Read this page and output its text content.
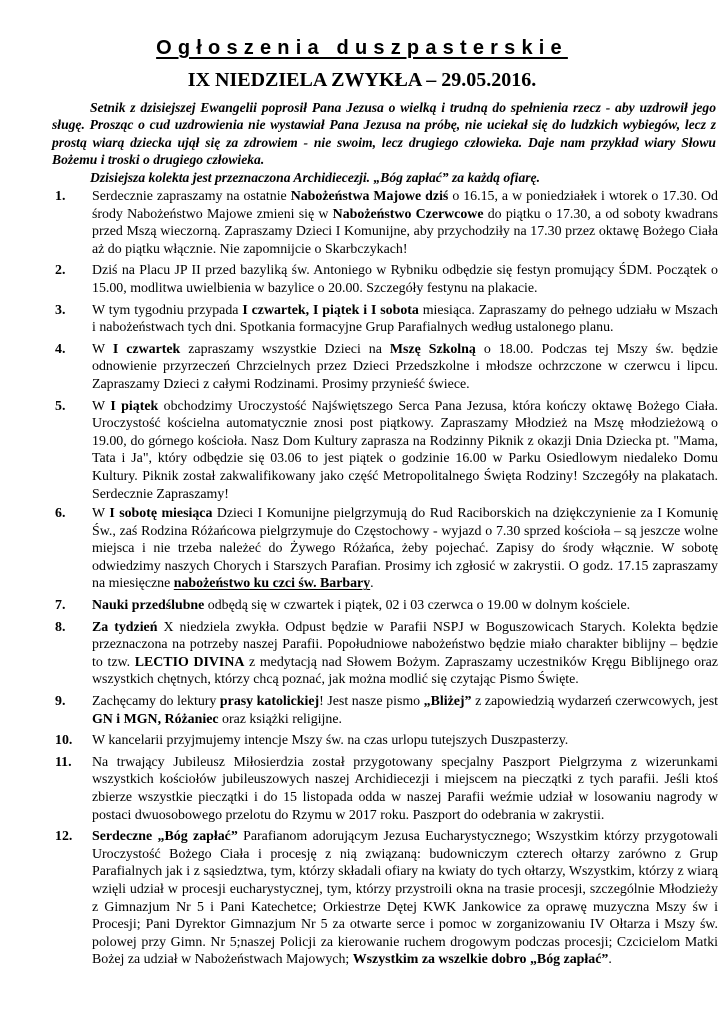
Ogłoszenia duszpasterskie
IX NIEDZIELA ZWYKŁA – 29.05.2016.

Setnik z dzisiejszej Ewangelii poprosił Pana Jezusa o wielką i trudną do spełnienia rzecz - aby uzdrowił jego sługę. Prosząc o cud uzdrowienia nie wystawiał Pana Jezusa na próbę, nie uciekał się do ludzkich wybiegów, lecz z prostą wiarą dziecka ujął się za zdrowiem - nie swoim, lecz drugiego człowieka. Daje nam przykład wiary Słowu Bożemu i troski o drugiego człowieka.

Dzisiejsza kolekta jest przeznaczona Archidiecezji. „Bóg zapłać” za każdą ofiarę.

1. Serdecznie zapraszamy na ostatnie Nabożeństwa Majowe dziś o 16.15, a w poniedziałek i wtorek o 17.30. Od środy Nabożeństwo Majowe zmieni się w Nabożeństwo Czerwcowe do piątku o 17.30, a od soboty kwadrans przed Mszą wieczorną. Zapraszamy Dzieci I Komunijne, aby przychodziły na 17.30 przez oktawę Bożego Ciała aż do piątku włącznie. Nie zapomnijcie o Skarbczykach!

2. Dziś na Placu JP II przed bazyliką św. Antoniego w Rybniku odbędzie się festyn promujący ŚDM. Początek o 15.00, modlitwa uwielbienia w bazylice o 20.00. Szczegóły festynu na plakacie.

3. W tym tygodniu przypada I czwartek, I piątek i I sobota miesiąca. Zapraszamy do pełnego udziału w Mszach i nabożeństwach tych dni. Spotkania formacyjne Grup Parafialnych według ustalonego planu.

4. W I czwartek zapraszamy wszystkie Dzieci na Mszę Szkolną o 18.00. Podczas tej Mszy św. będzie odnowienie przyrzeczeń Chrzcielnych przez Dzieci Przedszkolne i młodsze ochrzczone w czerwcu i lipcu. Zapraszamy Dzieci z całymi Rodzinami. Prosimy przynieść świece.

5. W I piątek obchodzimy Uroczystość Najświętszego Serca Pana Jezusa, która kończy oktawę Bożego Ciała. Uroczystość kościelna automatycznie znosi post piątkowy. Zapraszamy Młodzież na Mszę młodzieżową o 19.00, do górnego kościoła. Nasz Dom Kultury zaprasza na Rodzinny Piknik z okazji Dnia Dziecka pt. "Mama, Tata i Ja", który odbędzie się 03.06 to jest piątek o godzinie 16.00 w Parku Osiedlowym niedaleko Domu Kultury. Piknik został zakwalifikowany jako część Metropolitalnego Święta Rodziny! Szczegóły na plakatach. Serdecznie Zapraszamy!

6. W I sobotę miesiąca Dzieci I Komunijne pielgrzymują do Rud Raciborskich na dziękczynienie za I Komunię Św., zaś Rodzina Różańcowa pielgrzymuje do Częstochowy - wyjazd o 7.30 sprzed kościoła – są jeszcze wolne miejsca i nie trzeba należeć do Żywego Różańca, żeby pojechać. Zapisy do środy włącznie. W sobotę odwiedzimy naszych Chorych i Starszych Parafian. Prosimy ich zgłosić w zakrystii. O godz. 17.15 zapraszamy na miesięczne nabożeństwo ku czci św. Barbary.

7. Nauki przedślubne odbędą się w czwartek i piątek, 02 i 03 czerwca o 19.00 w dolnym kościele.

8. Za tydzień X niedziela zwykła. Odpust będzie w Parafii NSPJ w Boguszowicach Starych. Kolekta będzie przeznaczona na potrzeby naszej Parafii. Popołudniowe nabożeństwo będzie miało charakter biblijny – będzie to tzw. LECTIO DIVINA z medytacją nad Słowem Bożym. Zapraszamy uczestników Kręgu Biblijnego oraz wszystkich chętnych, którzy chcą poznać, jak można modlić się czytając Pismo Święte.

9. Zachęcamy do lektury prasy katolickiej! Jest nasze pismo „Bliżej” z zapowiedzią wydarzeń czerwcowych, jest GN i MGN, Różaniec oraz książki religijne.

10. W kancelarii przyjmujemy intencje Mszy św. na czas urlopu tutejszych Duszpasterzy.

11. Na trwający Jubileusz Miłosierdzia został przygotowany specjalny Paszport Pielgrzyma z wizerunkami wszystkich kościołów jubileuszowych naszej Archidiecezji i miejscem na pieczątki z tych parafii. Jeśli ktoś zbierze wszystkie pieczątki i do 15 listopada odda w naszej Parafii weźmie udział w losowaniu nagrody w postaci dwuosobowego przelotu do Rzymu w 2017 roku. Paszport do odebrania w zakrystii.

12. Serdeczne „Bóg zapłać” Parafianom adorującym Jezusa Eucharystycznego; Wszystkim którzy przygotowali Uroczystość Bożego Ciała i procesję z nią związaną: budowniczym czterech ołtarzy zarówno z Grup Parafialnych jak i z sąsiedztwa, tym, którzy składali ofiary na kwiaty do tych ołtarzy, Wszystkim, którzy z wiarą wzięli udział w procesji eucharystycznej, tym, którzy przystroili okna na trasie procesji, szczególnie Młodzieży z Gimnazjum Nr 5 i Pani Katechetce; Orkiestrze Dętej KWK Jankowice za oprawę muzyczna Mszy św i Procesji; Pani Dyrektor Gimnazjum Nr 5 za otwarte serce i pomoc w zorganizowaniu IV Ołtarza i Mszy św. polowej przy Gimn. Nr 5;naszej Policji za kierowanie ruchem drogowym podczas procesji; Czcicielom Matki Bożej za udział w Nabożeństwach Majowych; Wszystkim za wszelkie dobro „Bóg zapłać”.
